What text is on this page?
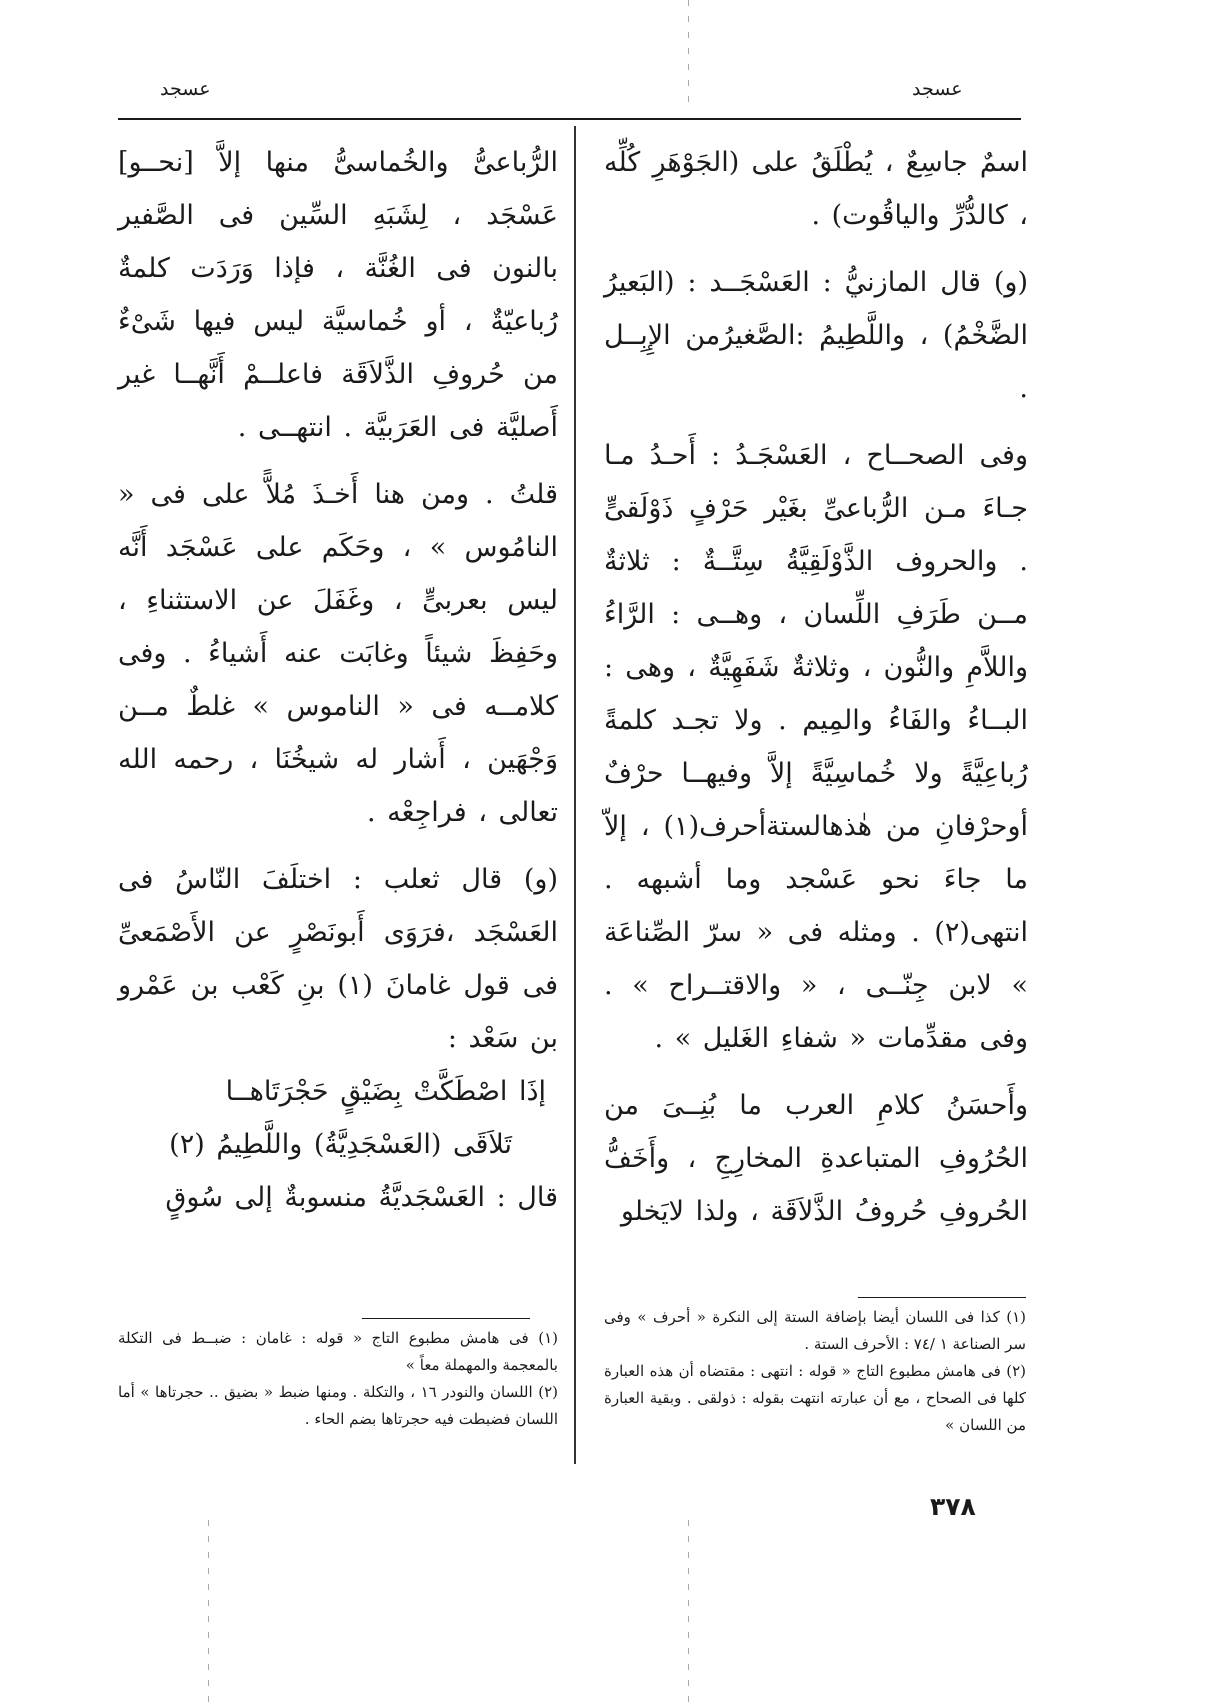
عسجد
عسجد

اسمٌ جاسِعٌ ، يُطْلَقُ على (الجَوْهَرِ كُلِّه ، كالدُّرِّ والياقُوت) .

(و) قال المازنيُّ : العَسْجَــد : (البَعيرُ الضَّخْمُ) ، واللَّطِيمُ :الصَّغيرُمن الإِبِــل .

وفى الصحــاح ، العَسْجَـدُ : أَحـدُ مـا جـاءَ مـن الرُّباعىِّ بغَيْر حَرْفٍ ذَوْلَقىٍّ . والحروف الذَّوْلَقِيَّةُ سِتَّــةٌ : ثلاثةٌ مــن طَرَفِ اللِّسان ، وهــى : الرَّاءُ واللاَّمِ والنُّون ، وثلاثةٌ شَفَهِيَّةٌ ، وهى : البــاءُ والفَاءُ والمِيم . ولا تجـد كلمةً رُباعِيَّةً ولا خُماسِيَّةً إلاَّ وفيهــا حرْفٌ أوحرْفانِ من هٰذهالستةأحرف(١) ، إلاّ ما جاءَ نحو عَسْجد وما أشبهه . انتهى(٢) . ومثله فى « سرّ الصِّناعَة » لابن جِنّــى ، « والاقتــراح » . وفى مقدِّمات « شفاءِ الغَليل » .

وأَحسَنُ كلامِ العرب ما بُنِــىَ من الحُرُوفِ المتباعدةِ المخارِجِ ، وأَخَفُّ الحُروفِ حُروفُ الذَّلاَقَة ، ولذا لايَخلو

الرُّباعىُّ والخُماسىُّ منها إلاَّ [نحــو] عَسْجَد ، لِشَبَهِ السِّين فى الصَّفير بالنون فى الغُنَّة ، فإذا وَرَدَت كلمةٌ رُباعيّةٌ ، أو خُماسيَّة ليس فيها شَىْءٌ من حُروفِ الذَّلاَقَة فاعلــمْ أَنَّهــا غير أَصليَّة فى العَرَبيَّة . انتهــى .

قلتُ . ومن هنا أَخـذَ مُلاًّ على فى « النامُوس » ، وحَكَم على عَسْجَد أَنَّه ليس بعربىٍّ ، وغَفَلَ عن الاستثناءِ ، وحَفِظَ شيئاً وغابَت عنه أَشياءُ . وفى كلامــه فى « الناموس » غلطٌ مــن وَجْهَين ، أَشار له شيخُنَا ، رحمه الله تعالى ، فراجِعْه .

(و) قال ثعلب : اختلَفَ النّاسُ فى العَسْجَد ،فرَوَى أَبونَصْرٍ عن الأَصْمَعىِّ فى قول غامانَ (١) بنِ كَعْب بن عَمْرو بن سَعْد :

إذَا اصْطَكَّتْ بِضَيْقٍ حَجْرَتَاهــا
تَلاَقَى (العَسْجَدِيَّةُ) واللَّطِيمُ (٢)

قال : العَسْجَديَّةُ منسوبةٌ إلى سُوقٍ

(١) كذا فى اللسان أيضا بإضافة الستة إلى النكرة « أحرف » وفى سر الصناعة ١ /٧٤ : الأحرف الستة .
(٢) فى هامش مطبوع التاج « قوله : انتهى : مقتضاه أن هذه العبارة كلها فى الصحاح ، مع أن عبارته انتهت بقوله : ذولقى . وبقية العبارة من اللسان »
(١) فى هامش مطبوع التاج « قوله : غامان : ضبــط فى التكلة بالمعجمة والمهملة معاً »
(٢) اللسان والنودر ١٦ ، والتكلة . ومنها ضبط « بضيق .. حجرتاها » أما اللسان فضبطت فيه حجرتاها بضم الحاء .
٣٧٨
